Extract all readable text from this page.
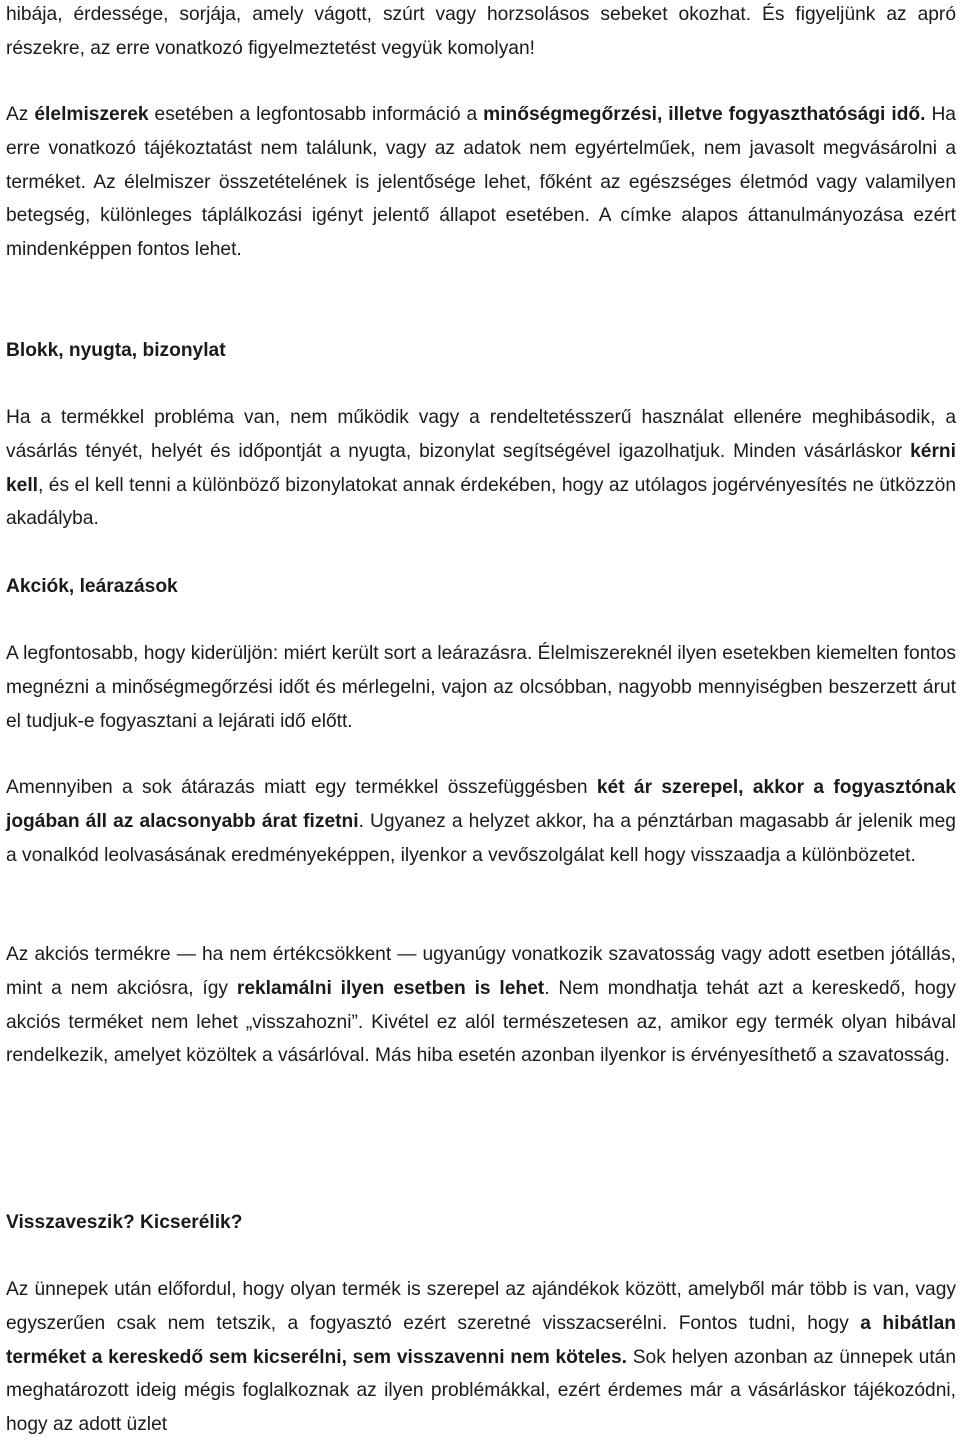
hibája, érdessége, sorjája, amely vágott, szúrt vagy horzsolásos sebeket okozhat. És figyeljünk az apró részekre, az erre vonatkozó figyelmeztetést vegyük komolyan!

Az élelmiszerek esetében a legfontosabb információ a minőségmegőrzési, illetve fogyaszthatósági idő. Ha erre vonatkozó tájékoztatást nem találunk, vagy az adatok nem egyértelműek, nem javasolt megvásárolni a terméket. Az élelmiszer összetételének is jelentősége lehet, főként az egészséges életmód vagy valamilyen betegség, különleges táplálkozási igényt jelentő állapot esetében. A címke alapos áttanulmányozása ezért mindenképpen fontos lehet.

Blokk, nyugta, bizonylat

Ha a termékkel probléma van, nem működik vagy a rendeltetésszerű használat ellenére meghibásodik, a vásárlás tényét, helyét és időpontját a nyugta, bizonylat segítségével igazolhatjuk. Minden vásárláskor kérni kell, és el kell tenni a különböző bizonylatokat annak érdekében, hogy az utólagos jogérvényesítés ne ütközzön akadályba.

Akciók, leárazások

A legfontosabb, hogy kiderüljön: miért került sort a leárazásra. Élelmiszereknél ilyen esetekben kiemelten fontos megnézni a minőségmegőrzési időt és mérlegelni, vajon az olcsóbban, nagyobb mennyiségben beszerzett árut el tudjuk-e fogyasztani a lejárati idő előtt.

Amennyiben a sok átárazás miatt egy termékkel összefüggésben két ár szerepel, akkor a fogyasztónak jogában áll az alacsonyabb árat fizetni. Ugyanez a helyzet akkor, ha a pénztárban magasabb ár jelenik meg a vonalkód leolvasásának eredményeképpen, ilyenkor a vevőszolgálat kell hogy visszaadja a különbözetet.

Az akciós termékre — ha nem értékcsökkent — ugyanúgy vonatkozik szavatosság vagy adott esetben jótállás, mint a nem akciósra, így reklamálni ilyen esetben is lehet. Nem mondhatja tehát azt a kereskedő, hogy akciós terméket nem lehet „visszahozni”. Kivétel ez alól természetesen az, amikor egy termék olyan hibával rendelkezik, amelyet közöltek a vásárlóval. Más hiba esetén azonban ilyenkor is érvényesíthető a szavatosság.

Visszaveszik? Kicserélik?

Az ünnepek után előfordul, hogy olyan termék is szerepel az ajándékok között, amelyből már több is van, vagy egyszerűen csak nem tetszik, a fogyasztó ezért szeretné visszacserélni. Fontos tudni, hogy a hibátlan terméket a kereskedő sem kicserélni, sem visszavenni nem köteles. Sok helyen azonban az ünnepek után meghatározott ideig mégis foglalkoznak az ilyen problémákkal, ezért érdemes már a vásárláskor tájékozódni, hogy az adott üzlet
